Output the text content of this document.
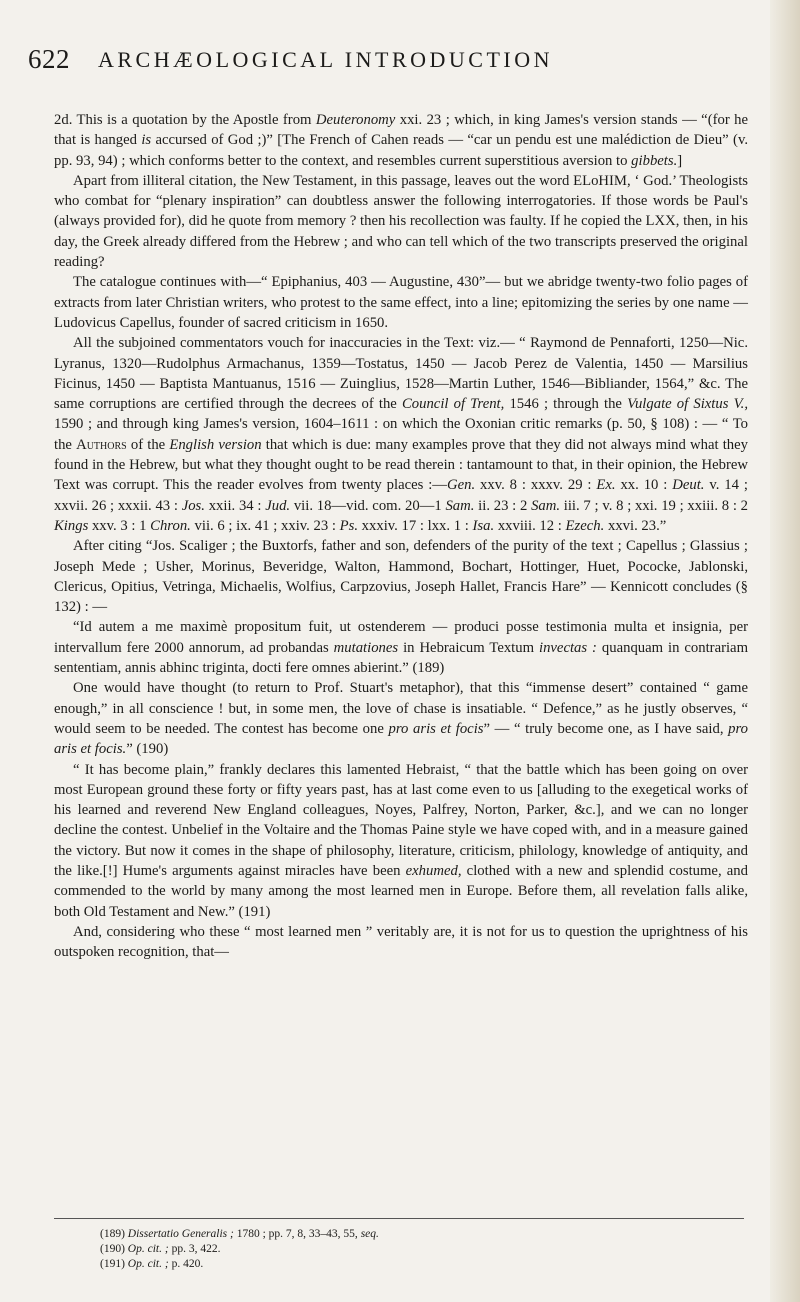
622 ARCHÆOLOGICAL INTRODUCTION

2d. This is a quotation by the Apostle from Deuteronomy xxi. 23 ; which, in king James's version stands — “(for he that is hanged is accursed of God ;)” [The French of Cahen reads — “car un pendu est une malédiction de Dieu” (v. pp. 93, 94) ; which conforms better to the context, and resembles current superstitious aversion to gibbets.]

Apart from illiteral citation, the New Testament, in this passage, leaves out the word ELoHIM, ‘ God.’ Theologists who combat for “plenary inspiration” can doubtless answer the following interrogatories. If those words be Paul's (always provided for), did he quote from memory ? then his recollection was faulty. If he copied the LXX, then, in his day, the Greek already differed from the Hebrew ; and who can tell which of the two transcripts preserved the original reading?

The catalogue continues with—“ Epiphanius, 403 — Augustine, 430”— but we abridge twenty-two folio pages of extracts from later Christian writers, who protest to the same effect, into a line; epitomizing the series by one name — Ludovicus Capellus, founder of sacred criticism in 1650.

All the subjoined commentators vouch for inaccuracies in the Text: viz.— “ Raymond de Pennaforti, 1250—Nic. Lyranus, 1320—Rudolphus Armachanus, 1359—Tostatus, 1450 — Jacob Perez de Valentia, 1450 — Marsilius Ficinus, 1450 — Baptista Mantuanus, 1516 — Zuinglius, 1528—Martin Luther, 1546—Bibliander, 1564,” &c. The same corruptions are certified through the decrees of the Council of Trent, 1546 ; through the Vulgate of Sixtus V., 1590 ; and through king James's version, 1604–1611 : on which the Oxonian critic remarks (p. 50, § 108) : — “ To the Authors of the English version that which is due: many examples prove that they did not always mind what they found in the Hebrew, but what they thought ought to be read therein : tantamount to that, in their opinion, the Hebrew Text was corrupt. This the reader evolves from twenty places :—Gen. xxv. 8 : xxxv. 29 : Ex. xx. 10 : Deut. v. 14 ; xxvii. 26 ; xxxii. 43 : Jos. xxii. 34 : Jud. vii. 18—vid. com. 20—1 Sam. ii. 23 : 2 Sam. iii. 7 ; v. 8 ; xxi. 19 ; xxiii. 8 : 2 Kings xxv. 3 : 1 Chron. vii. 6 ; ix. 41 ; xxiv. 23 : Ps. xxxiv. 17 : lxx. 1 : Isa. xxviii. 12 : Ezech. xxvi. 23.”

After citing “Jos. Scaliger ; the Buxtorfs, father and son, defenders of the purity of the text ; Capellus ; Glassius ; Joseph Mede ; Usher, Morinus, Beveridge, Walton, Hammond, Bochart, Hottinger, Huet, Pococke, Jablonski, Clericus, Opitius, Vetringa, Michaelis, Wolfius, Carpzovius, Joseph Hallet, Francis Hare” — Kennicott concludes (§ 132) : —

“Id autem a me maximè propositum fuit, ut ostenderem — produci posse testimonia multa et insignia, per intervallum fere 2000 annorum, ad probandas mutationes in Hebraicum Textum invectas : quanquam in contrariam sententiam, annis abhinc triginta, docti fere omnes abierint.” (189)

One would have thought (to return to Prof. Stuart's metaphor), that this “immense desert” contained “ game enough,” in all conscience ! but, in some men, the love of chase is insatiable. “ Defence,” as he justly observes, “ would seem to be needed. The contest has become one pro aris et focis” — “ truly become one, as I have said, pro aris et focis.” (190)

“ It has become plain,” frankly declares this lamented Hebraist, “ that the battle which has been going on over most European ground these forty or fifty years past, has at last come even to us [alluding to the exegetical works of his learned and reverend New England colleagues, Noyes, Palfrey, Norton, Parker, &c.], and we can no longer decline the contest. Unbelief in the Voltaire and the Thomas Paine style we have coped with, and in a measure gained the victory. But now it comes in the shape of philosophy, literature, criticism, philology, knowledge of antiquity, and the like.[!] Hume's arguments against miracles have been exhumed, clothed with a new and splendid costume, and commended to the world by many among the most learned men in Europe. Before them, all revelation falls alike, both Old Testament and New.” (191)

And, considering who these “ most learned men ” veritably are, it is not for us to question the uprightness of his outspoken recognition, that—

(189) Dissertatio Generalis ; 1780 ; pp. 7, 8, 33–43, 55, seq.
(190) Op. cit. ; pp. 3, 422.
(191) Op. cit. ; p. 420.
